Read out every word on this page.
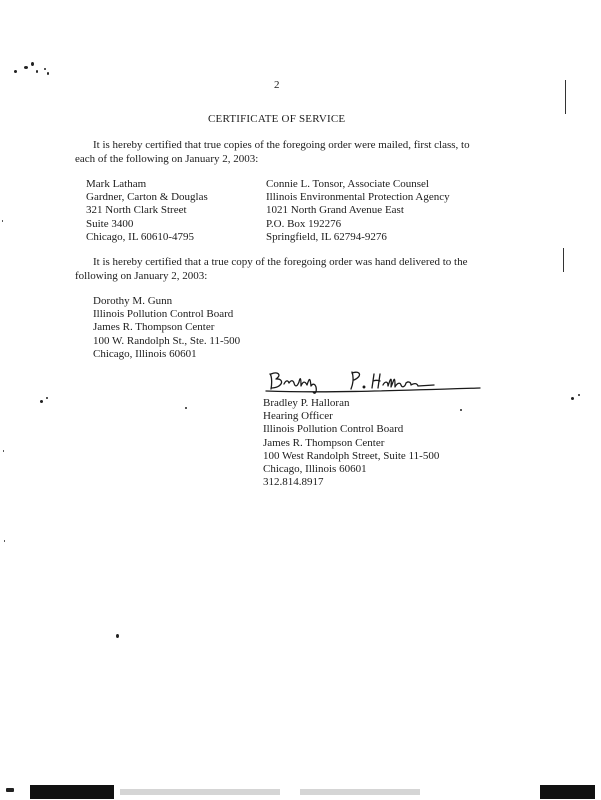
2
CERTIFICATE OF SERVICE
It is hereby certified that true copies of the foregoing order were mailed, first class, to
each of the following on January 2, 2003:
Mark Latham
Gardner, Carton & Douglas
321 North Clark Street
Suite 3400
Chicago, IL 60610-4795
Connie L. Tonsor, Associate Counsel
Illinois Environmental Protection Agency
1021 North Grand Avenue East
P.O. Box 192276
Springfield, IL 62794-9276
It is hereby certified that a true copy of the foregoing order was hand delivered to the
following on January 2, 2003:
Dorothy M. Gunn
Illinois Pollution Control Board
James R. Thompson Center
100 W. Randolph St., Ste. 11-500
Chicago, Illinois 60601
Bradley P. Halloran
Hearing Officer
Illinois Pollution Control Board
James R. Thompson Center
100 West Randolph Street, Suite 11-500
Chicago, Illinois 60601
312.814.8917
